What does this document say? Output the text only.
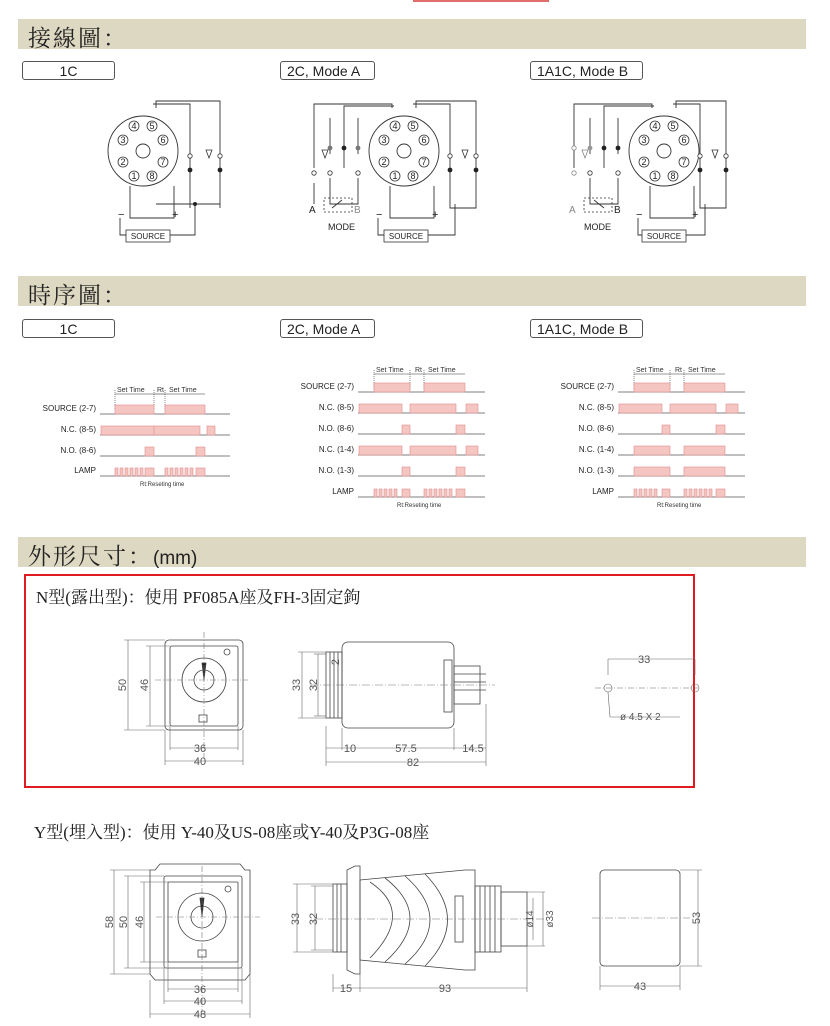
接線圖：
1C	2C, Mode A	1A1C, Mode B
4 5
3	6
2	7
1 8
−	+
SOURCE
4 5
3	6
2	7
1 8
A	B
MODE
−	+
SOURCE
4 5
3	6
2	7
1 8
A	B
MODE
−	+
SOURCE
時序圖：
1C	2C, Mode A	1A1C, Mode B
Set Time Rt Set Time
SOURCE (2-7)
N.C. (8-5)
N.O. (8-6)
LAMP
Rt:Reseting time
Set Time Rt Set Time
SOURCE (2-7)
N.C. (8-5)
N.O. (8-6)
N.C. (1-4)
N.O. (1-3)
LAMP
Rt:Reseting time
Set Time Rt Set Time
SOURCE (2-7)
N.C. (8-5)
N.O. (8-6)
N.C. (1-4)
N.O. (1-3)
LAMP
Rt:Reseting time
外形尺寸：(mm)
N型(露出型)：使用 PF085A座及FH-3固定鉤
50 46
36
40
33 32
2
10	57.5	14.5
82
33
ø 4.5 X 2
Y型(埋入型)：使用 Y-40及US-08座或Y-40及P3G-08座
58 50 46
36
40
48
33 32	ø14 ø33
15	93
53
43
